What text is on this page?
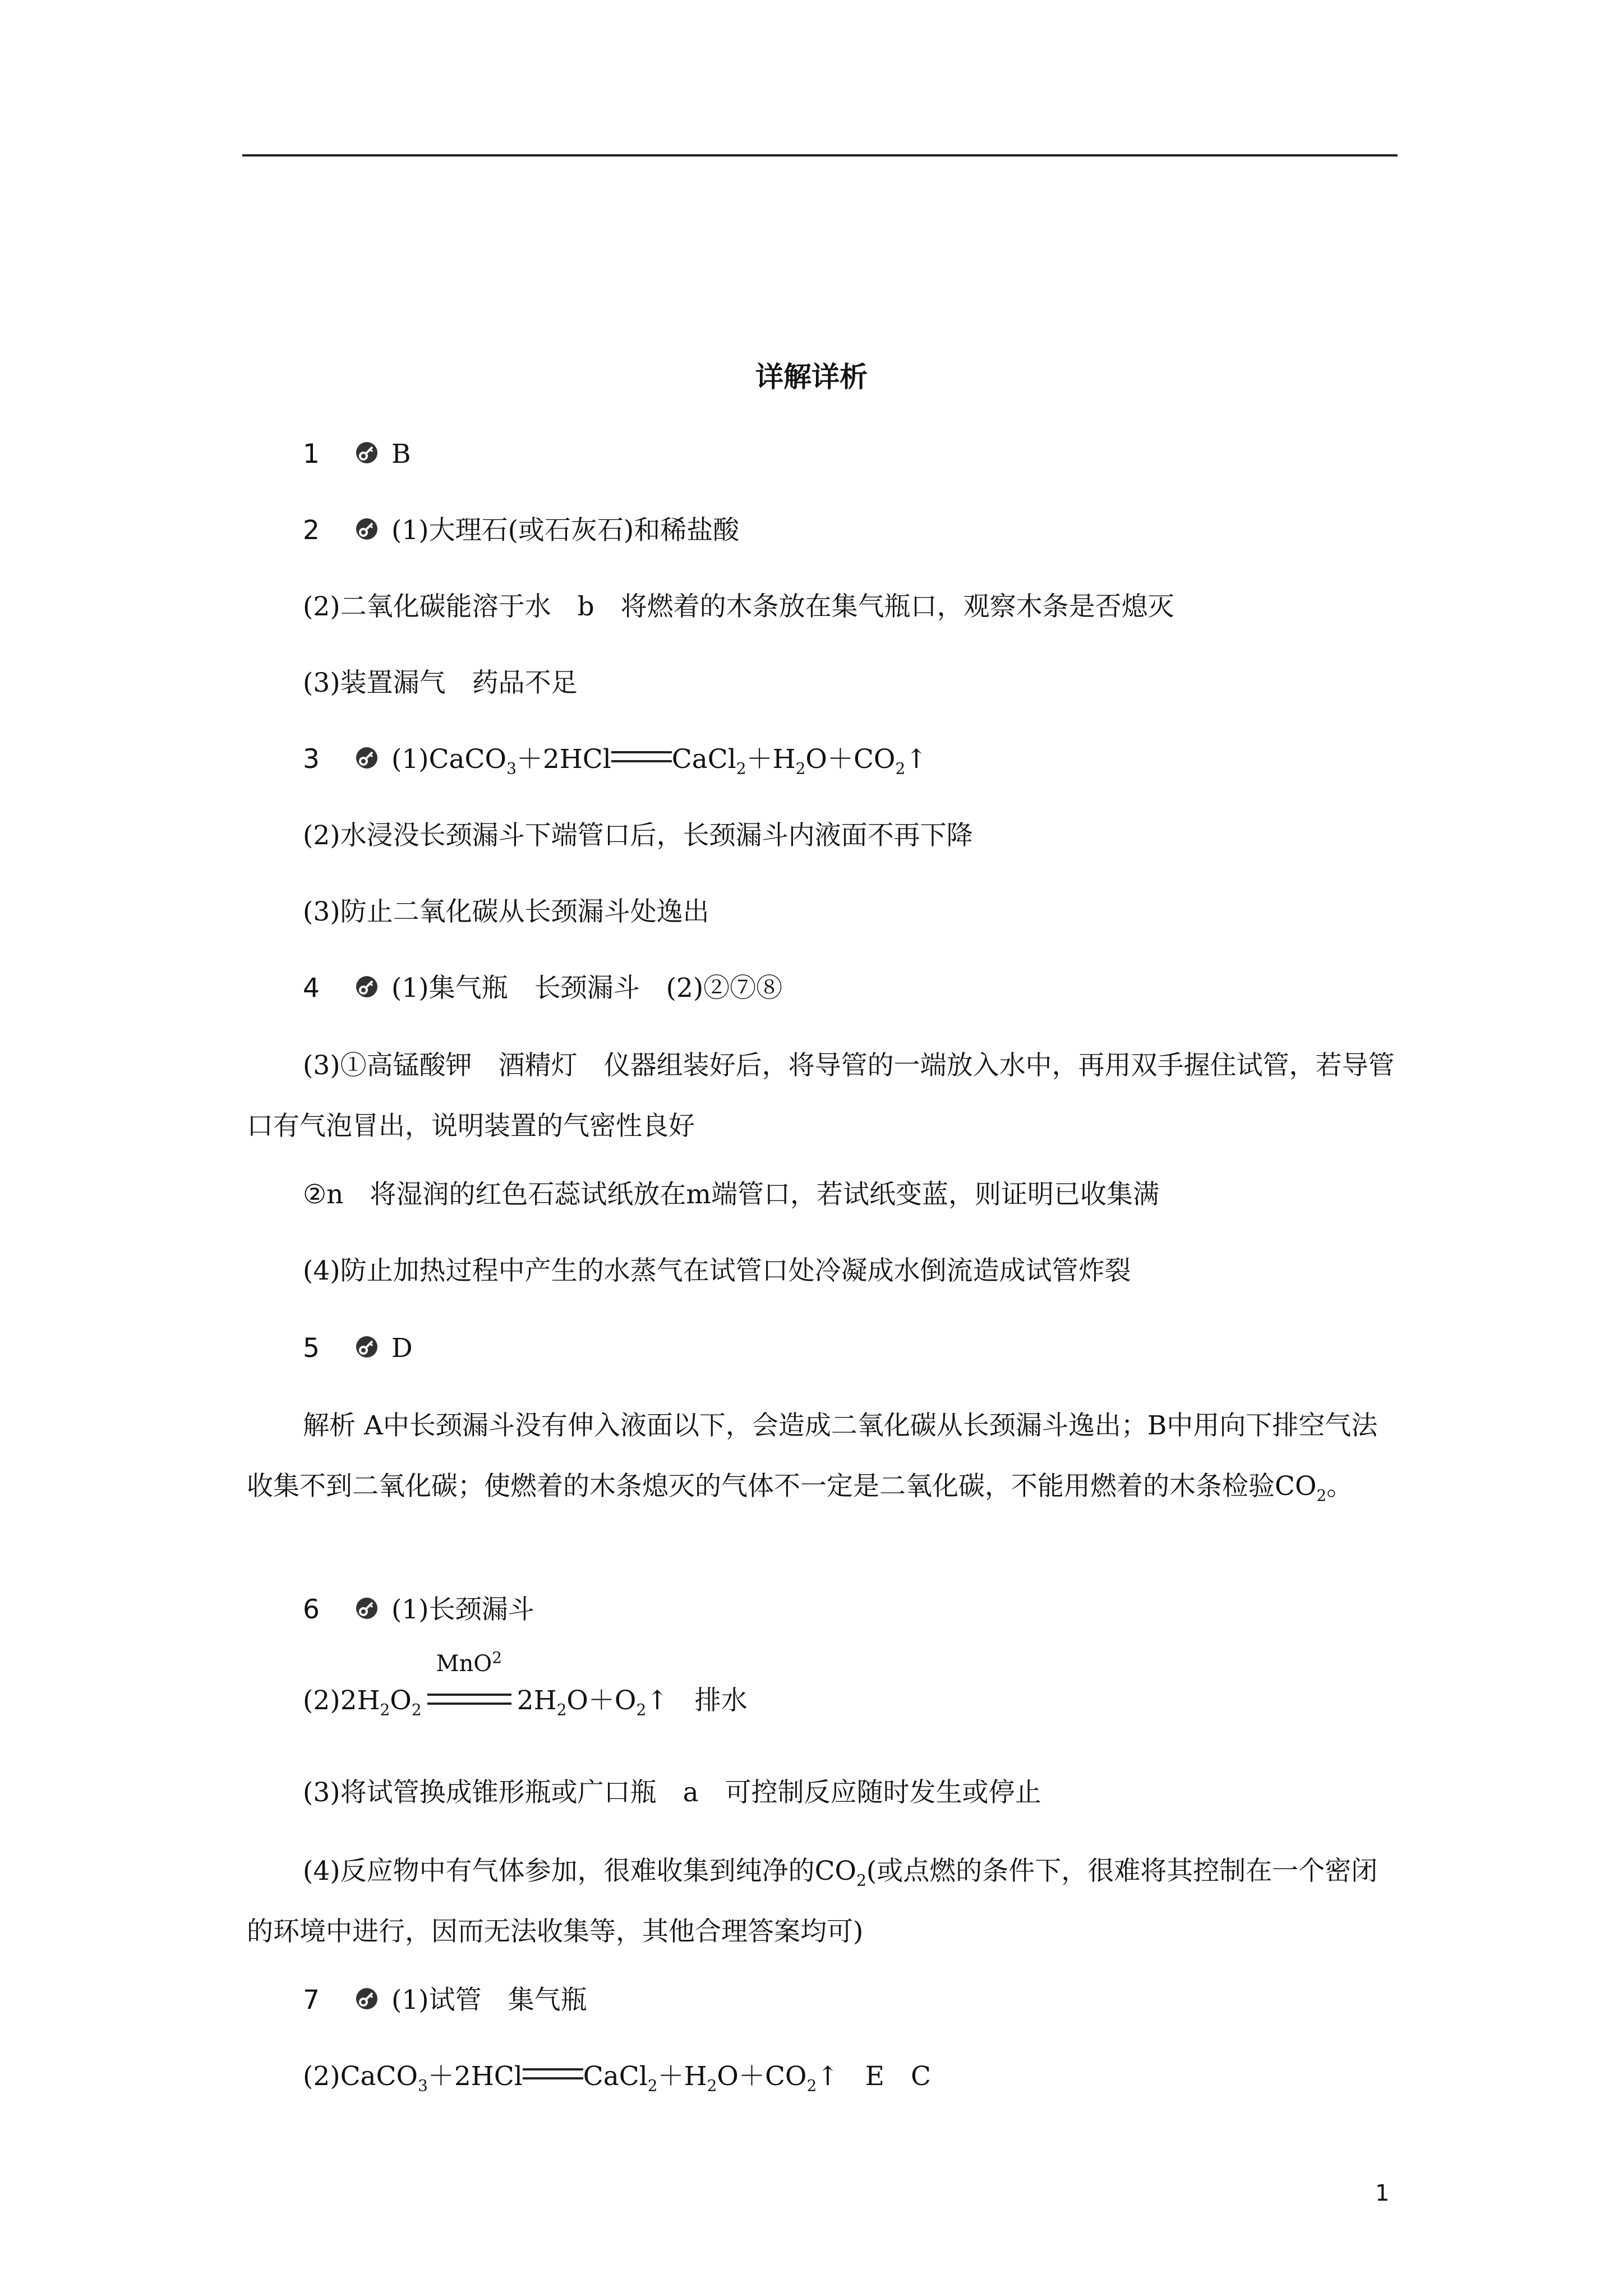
详解详析
1	B
2	(1)大理石(或石灰石)和稀盐酸
(2)二氧化碳能溶于水　b　将燃着的木条放在集气瓶口，观察木条是否熄灭
(3)装置漏气　药品不足
3	(1)CaCO$_3$＋2HCl $CaCl_2+H_2O+CO_2↑$
(2)水浸没长颈漏斗下端管口后，长颈漏斗内液面不再下降
(3)防止二氧化碳从长颈漏斗处逸出
4	(1)集气瓶　长颈漏斗　(2)②⑦⑧
(3)①高锰酸钾　酒精灯　仪器组装好后，将导管的一端放入水中，再用双手握住试管，若导管口有气泡冒出，说明装置的气密性良好
②n　将湿润的红色石蕊试纸放在m端管口，若试纸变蓝，则证明已收集满
(4)防止加热过程中产生的水蒸气在试管口处冷凝成水倒流造成试管炸裂
5	D
解析 A中长颈漏斗没有伸入液面以下，会造成二氧化碳从长颈漏斗逸出；B中用向下排空气法收集不到二氧化碳；使燃着的木条熄灭的气体不一定是二氧化碳，不能用燃着的木条检验$CO_2$。
6	(1)长颈漏斗
$(2)2H_2O_2$
MnO$^2$
$2H_2O+O_2↑$　排水
(3)将试管换成锥形瓶或广口瓶　a　可控制反应随时发生或停止
(4)反应物中有气体参加，很难收集到纯净的$CO_2$(或点燃的条件下，很难将其控制在一个密闭的环境中进行，因而无法收集等，其他合理答案均可)
7	(1)试管　集气瓶
(2)CaCO$_3$＋2HCl $CaCl_2+H_2O+CO_2↑$　E　C
1
